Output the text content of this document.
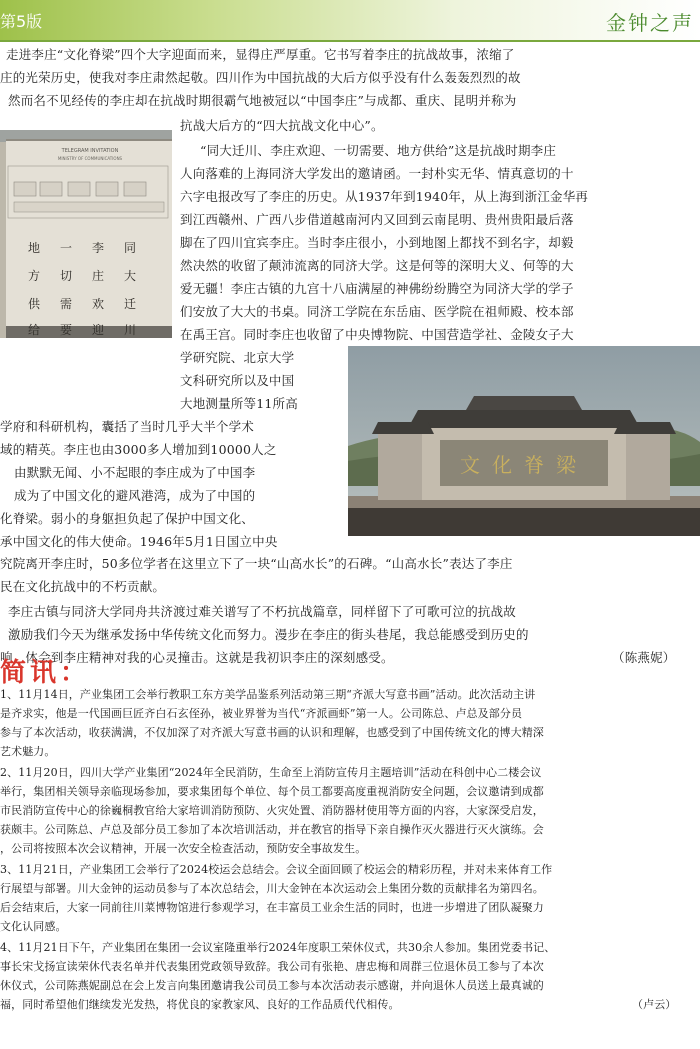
第5版	金钟之声
走进李庄“文化脊梁”四个大字迎面而来，显得庄严厚重。它书写着李庄的抗战故事，浓缩了
庄的光荣历史，使我对李庄肃然起敬。四川作为中国抗战的大后方似乎没有什么轰轰烈烈的故
然而名不见经传的李庄却在抗战时期很霸气地被冠以“中国李庄”与成都、重庆、昆明并称为
抗战大后方的“四大抗战文化中心”。
“同大迁川、李庄欢迎、一切需要、地方供给”这是抗战时期李庄
人向落难的上海同济大学发出的邀请函。一封朴实无华、情真意切的十
六字电报改写了李庄的历史。从1937年到1940年，从上海到浙江金华再
到江西赣州、广西八步借道越南河内又回到云南昆明、贵州贵阳最后落
脚在了四川宜宾李庄。当时李庄很小，小到地图上都找不到名字，却毅
然决然的收留了颠沛流离的同济大学。这是何等的深明大义、何等的大
爱无疆！李庄古镇的九宫十八庙满屋的神佛纷纷腾空为同济大学的学子
们安放了大大的书桌。同济工学院在东岳庙、医学院在祖师殿、校本部
在禹王宫。同时李庄也收留了中央博物院、中国营造学社、金陵女子大
学研究院、北京大学
文科研究所以及中国
大地测量所等11所高
学府和科研机构，囊括了当时几乎大半个学术
域的精英。李庄也由3000多人增加到10000人之
由默默无闻、小不起眼的李庄成为了中国李
成为了中国文化的避风港湾，成为了中国的
化脊梁。弱小的身躯担负起了保护中国文化、
承中国文化的伟大使命。1946年5月1日国立中央
究院离开李庄时，50多位学者在这里立下了一块“山高水长”的石碑。“山高水长”表达了李庄
民在文化抗战中的不朽贡献。
李庄古镇与同济大学同舟共济渡过难关谱写了不朽抗战篇章，同样留下了可歌可泣的抗战故
激励我们今天为继承发扬中华传统文化而努力。漫步在李庄的街头巷尾，我总能感受到历史的
响，体会到李庄精神对我的心灵撞击。这就是我初识李庄的深刻感受。	（陈燕妮）
TELEGRAM INVITATION
MINISTRY OF COMMUNICATIONS
地
方
供
给
一
切
需
要
李
庄
欢
迎
同
大
迁
川
文化脊梁
简讯：
1、11月14日，产业集团工会举行教职工东方美学品鉴系列活动第三期“齐派大写意书画”活动。此次活动主讲
是齐求实，他是一代国画巨匠齐白石玄侄孙，被业界誉为当代“齐派画虾”第一人。公司陈总、卢总及部分员
参与了本次活动，收获满满，不仅加深了对齐派大写意书画的认识和理解，也感受到了中国传统文化的博大精深
艺术魅力。
2、11月20日，四川大学产业集团“2024年全民消防，生命至上消防宣传月主题培训”活动在科创中心二楼会议
举行，集团相关领导亲临现场参加，要求集团每个单位、每个员工都要高度重视消防安全问题，会议邀请到成都
市民消防宣传中心的徐巍桐教官给大家培训消防预防、火灾处置、消防器材使用等方面的内容，大家深受启发，
获颇丰。公司陈总、卢总及部分员工参加了本次培训活动，并在教官的指导下亲自操作灭火器进行灭火演练。会
，公司将按照本次会议精神，开展一次安全检查活动，预防安全事故发生。
3、11月21日，产业集团工会举行了2024校运会总结会。会议全面回顾了校运会的精彩历程，并对未来体育工作
行展望与部署。川大金钟的运动员参与了本次总结会，川大金钟在本次运动会上集团分数的贡献排名为第四名。
后会结束后，大家一同前往川菜博物馆进行参观学习，在丰富员工业余生活的同时，也进一步增进了团队凝聚力
文化认同感。
4、11月21日下午，产业集团在集团一会议室隆重举行2024年度职工荣休仪式，共30余人参加。集团党委书记、
事长宋戈扬宣读荣休代表名单并代表集团党政领导致辞。我公司有张艳、唐忠梅和周群三位退休员工参与了本次
休仪式，公司陈燕妮副总在会上发言向集团邀请我公司员工参与本次活动表示感谢，并向退休人员送上最真诚的
福，同时希望他们继续发光发热，将优良的家教家风、良好的工作品质代代相传。	（卢云）
